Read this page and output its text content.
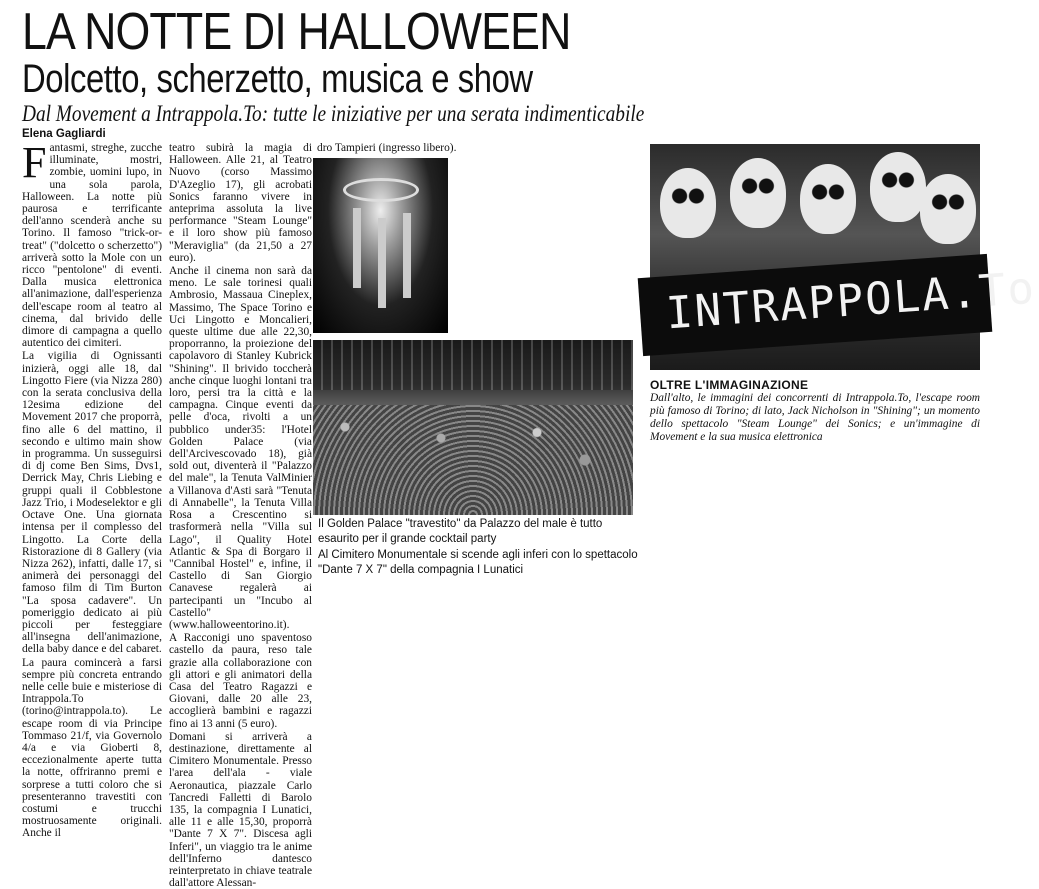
LA NOTTE DI HALLOWEEN
Dolcetto, scherzetto, musica e show
Dal Movement a Intrappola.To: tutte le iniziative per una serata indimenticabile
Elena Gagliardi
F antasmi, streghe, zucche illuminate, mostri, zombie, uomini lupo, in una sola parola, Halloween. La notte più paurosa e terrificante dell'anno scenderà anche su Torino. Il famoso "trick-or-treat" ("dolcetto o scherzetto") arriverà sotto la Mole con un ricco "pentolone" di eventi. Dalla musica elettronica all'animazione, dall'esperienza dell'escape room al teatro al cinema, dal brivido delle dimore di campagna a quello autentico dei cimiteri.

La vigilia di Ognissanti inizierà, oggi alle 18, dal Lingotto Fiere (via Nizza 280) con la serata conclusiva della 12esima edizione del Movement 2017 che proporrà, fino alle 6 del mattino, il secondo e ultimo main show in programma. Un susseguirsi di dj come Ben Sims, Dvs1, Derrick May, Chris Liebing e gruppi quali il Cobblestone Jazz Trio, i Modeselektor e gli Octave One. Una giornata intensa per il complesso del Lingotto. La Corte della Ristorazione di 8 Gallery (via Nizza 262), infatti, dalle 17, si animerà dei personaggi del famoso film di Tim Burton "La sposa cadavere". Un pomeriggio dedicato ai più piccoli per festeggiare all'insegna dell'animazione, della baby dance e del cabaret.

La paura comincerà a farsi sempre più concreta entrando nelle celle buie e misteriose di Intrappola.To (torino@intrappola.to). Le escape room di via Principe Tommaso 21/f, via Governolo 4/a e via Gioberti 8, eccezionalmente aperte tutta la notte, offriranno premi e sorprese a tutti coloro che si presenteranno travestiti con costumi e trucchi mostruosamente originali. Anche il

dro Tampieri (ingresso libero).

teatro subirà la magia di Halloween. Alle 21, al Teatro Nuovo (corso Massimo D'Azeglio 17), gli acrobati Sonics faranno vivere in anteprima assoluta la live performance "Steam Lounge" e il loro show più famoso "Meraviglia" (da 21,50 a 27 euro).

Anche il cinema non sarà da meno. Le sale torinesi quali Ambrosio, Massaua Cineplex, Massimo, The Space Torino e Uci Lingotto e Moncalieri, queste ultime due alle 22,30, proporranno, la proiezione del capolavoro di Stanley Kubrick "Shining". Il brivido toccherà anche cinque luoghi lontani tra loro, persi tra la città e la campagna. Cinque eventi da pelle d'oca, rivolti a un pubblico under35: l'Hotel Golden Palace (via dell'Arcivescovado 18), già sold out, diventerà il "Palazzo del male", la Tenuta ValMinier a Villanova d'Asti sarà "Tenuta di Annabelle", la Tenuta Villa Rosa a Crescentino si trasformerà nella "Villa sul Lago", il Quality Hotel Atlantic & Spa di Borgaro il "Cannibal Hostel" e, infine, il Castello di San Giorgio Canavese regalerà ai partecipanti un "Incubo al Castello" (www.halloweentorino.it).

A Racconigi uno spaventoso castello da paura, reso tale grazie alla collaborazione con gli attori e gli animatori della Casa del Teatro Ragazzi e Giovani, dalle 20 alle 23, accoglierà bambini e ragazzi fino ai 13 anni (5 euro).

Domani si arriverà a destinazione, direttamente al Cimitero Monumentale. Presso l'area dell'ala - viale Aeronautica, piazzale Carlo Tancredi Falletti di Barolo 135, la compagnia I Lunatici, alle 11 e alle 15,30, proporrà "Dante 7 X 7". Discesa agli Inferi", un viaggio tra le anime dell'Inferno dantesco reinterpretato in chiave teatrale dall'attore Alessan-

Il Golden Palace "travestito" da Palazzo del male è tutto esaurito per il grande cocktail party
Al Cimitero Monumentale si scende agli inferi con lo spettacolo "Dante 7 X 7" della compagnia I Lunatici
INTRAPPOLA.To
OLTRE L'IMMAGINAZIONE
Dall'alto, le immagini dei concorrenti di Intrappola.To, l'escape room più famoso di Torino; di lato, Jack Nicholson in "Shining"; un momento dello spettacolo "Steam Lounge" dei Sonics; e un'immagine di Movement e la sua musica elettronica
